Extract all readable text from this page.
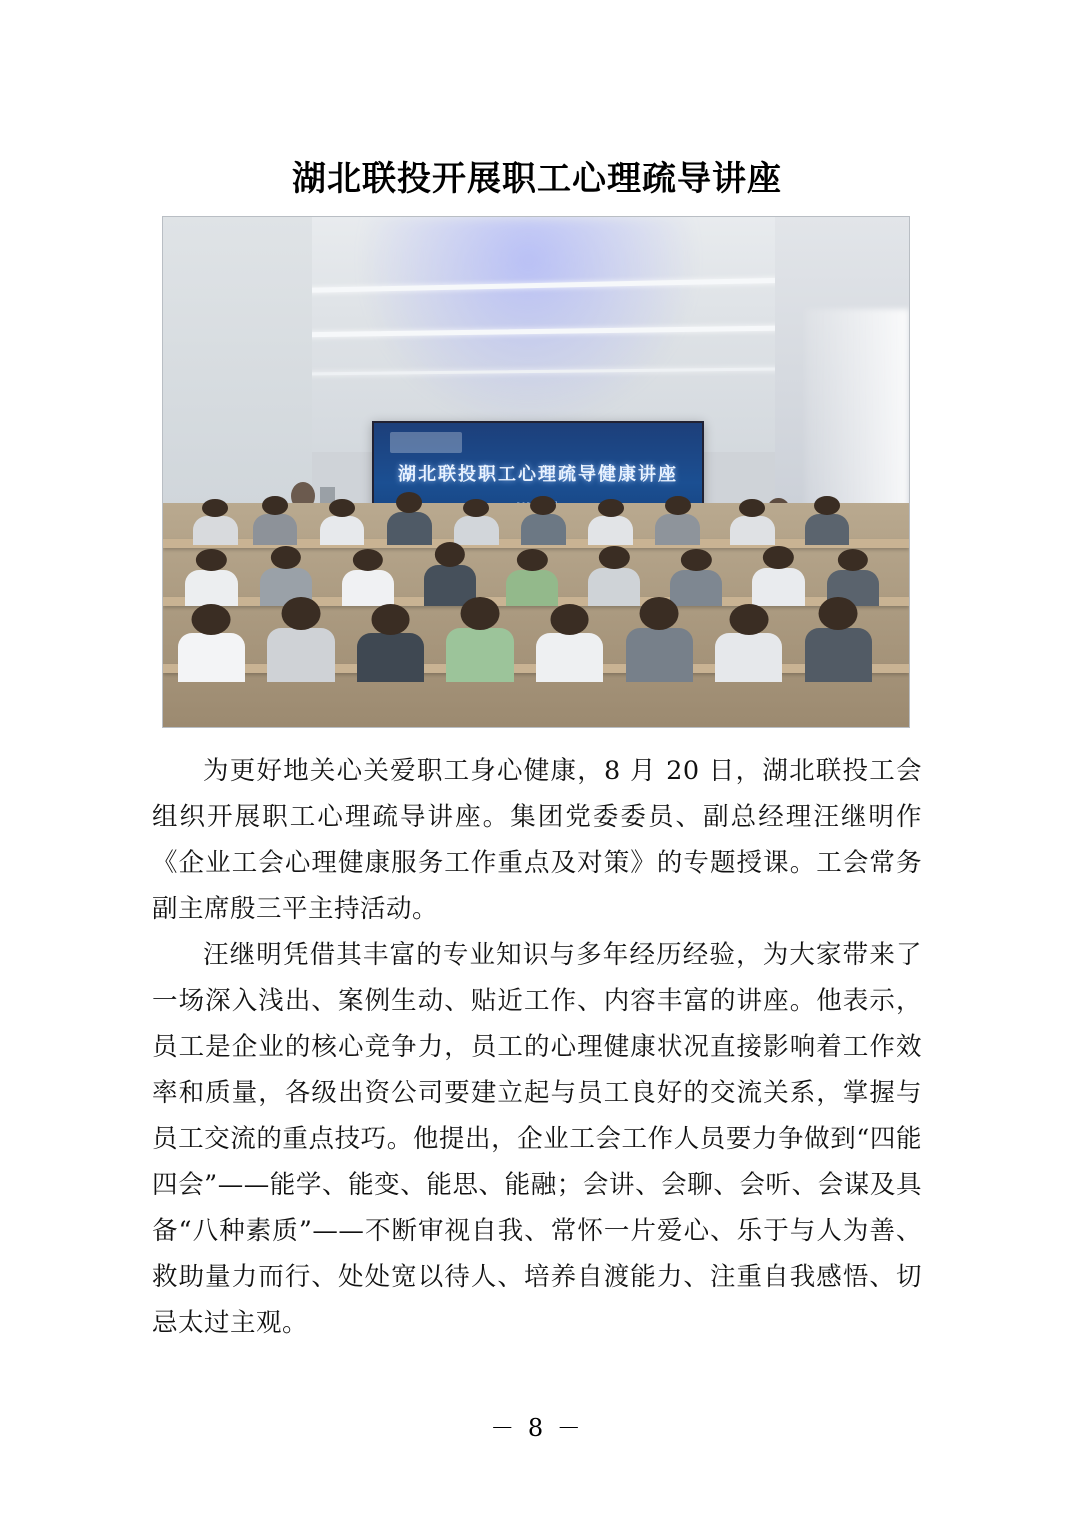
湖北联投开展职工心理疏导讲座
湖北联投职工心理疏导健康讲座

为更好地关心关爱职工身心健康，8 月 20 日，湖北联投工会组织开展职工心理疏导讲座。集团党委委员、副总经理汪继明作《企业工会心理健康服务工作重点及对策》的专题授课。工会常务副主席殷三平主持活动。

汪继明凭借其丰富的专业知识与多年经历经验，为大家带来了一场深入浅出、案例生动、贴近工作、内容丰富的讲座。他表示，员工是企业的核心竞争力，员工的心理健康状况直接影响着工作效率和质量，各级出资公司要建立起与员工良好的交流关系，掌握与员工交流的重点技巧。他提出，企业工会工作人员要力争做到“四能四会”——能学、能变、能思、能融；会讲、会聊、会听、会谋及具备“八种素质”——不断审视自我、常怀一片爱心、乐于与人为善、救助量力而行、处处宽以待人、培养自渡能力、注重自我感悟、切忌太过主观。

－ 8 －
